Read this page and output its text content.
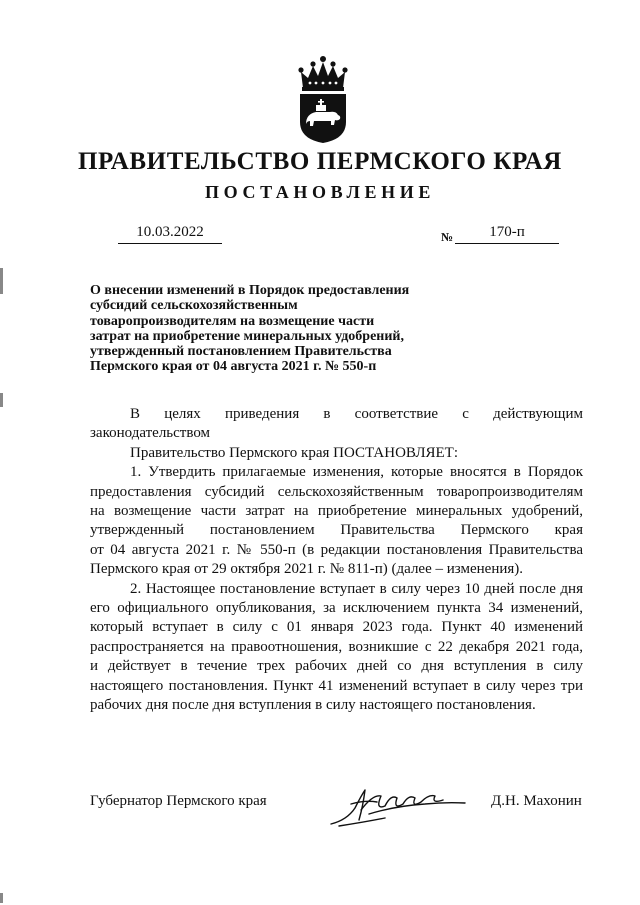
ПРАВИТЕЛЬСТВО ПЕРМСКОГО КРАЯ
ПОСТАНОВЛЕНИЕ
10.03.2022	№	170-п
О внесении изменений в Порядок предоставления
субсидий сельскохозяйственным
товаропроизводителям на возмещение части
затрат на приобретение минеральных удобрений,
утвержденный постановлением Правительства
Пермского края от 04 августа 2021 г. № 550-п
В целях приведения в соответствие с действующим
законодательством
Правительство Пермского края ПОСТАНОВЛЯЕТ:
1. Утвердить прилагаемые изменения, которые вносятся в Порядок
предоставления субсидий сельскохозяйственным товаропроизводителям
на возмещение части затрат на приобретение минеральных удобрений,
утвержденный постановлением Правительства Пермского края
от 04 августа 2021 г. № 550-п (в редакции постановления Правительства
Пермского края от 29 октября 2021 г. № 811-п) (далее – изменения).
2. Настоящее постановление вступает в силу через 10 дней после дня
его официального опубликования, за исключением пункта 34 изменений,
который вступает в силу с 01 января 2023 года. Пункт 40 изменений
распространяется на правоотношения, возникшие с 22 декабря 2021 года,
и действует в течение трех рабочих дней со дня вступления в силу
настоящего постановления. Пункт 41 изменений вступает в силу через три
рабочих дня после дня вступления в силу настоящего постановления.
Губернатор Пермского края	Д.Н. Махонин
